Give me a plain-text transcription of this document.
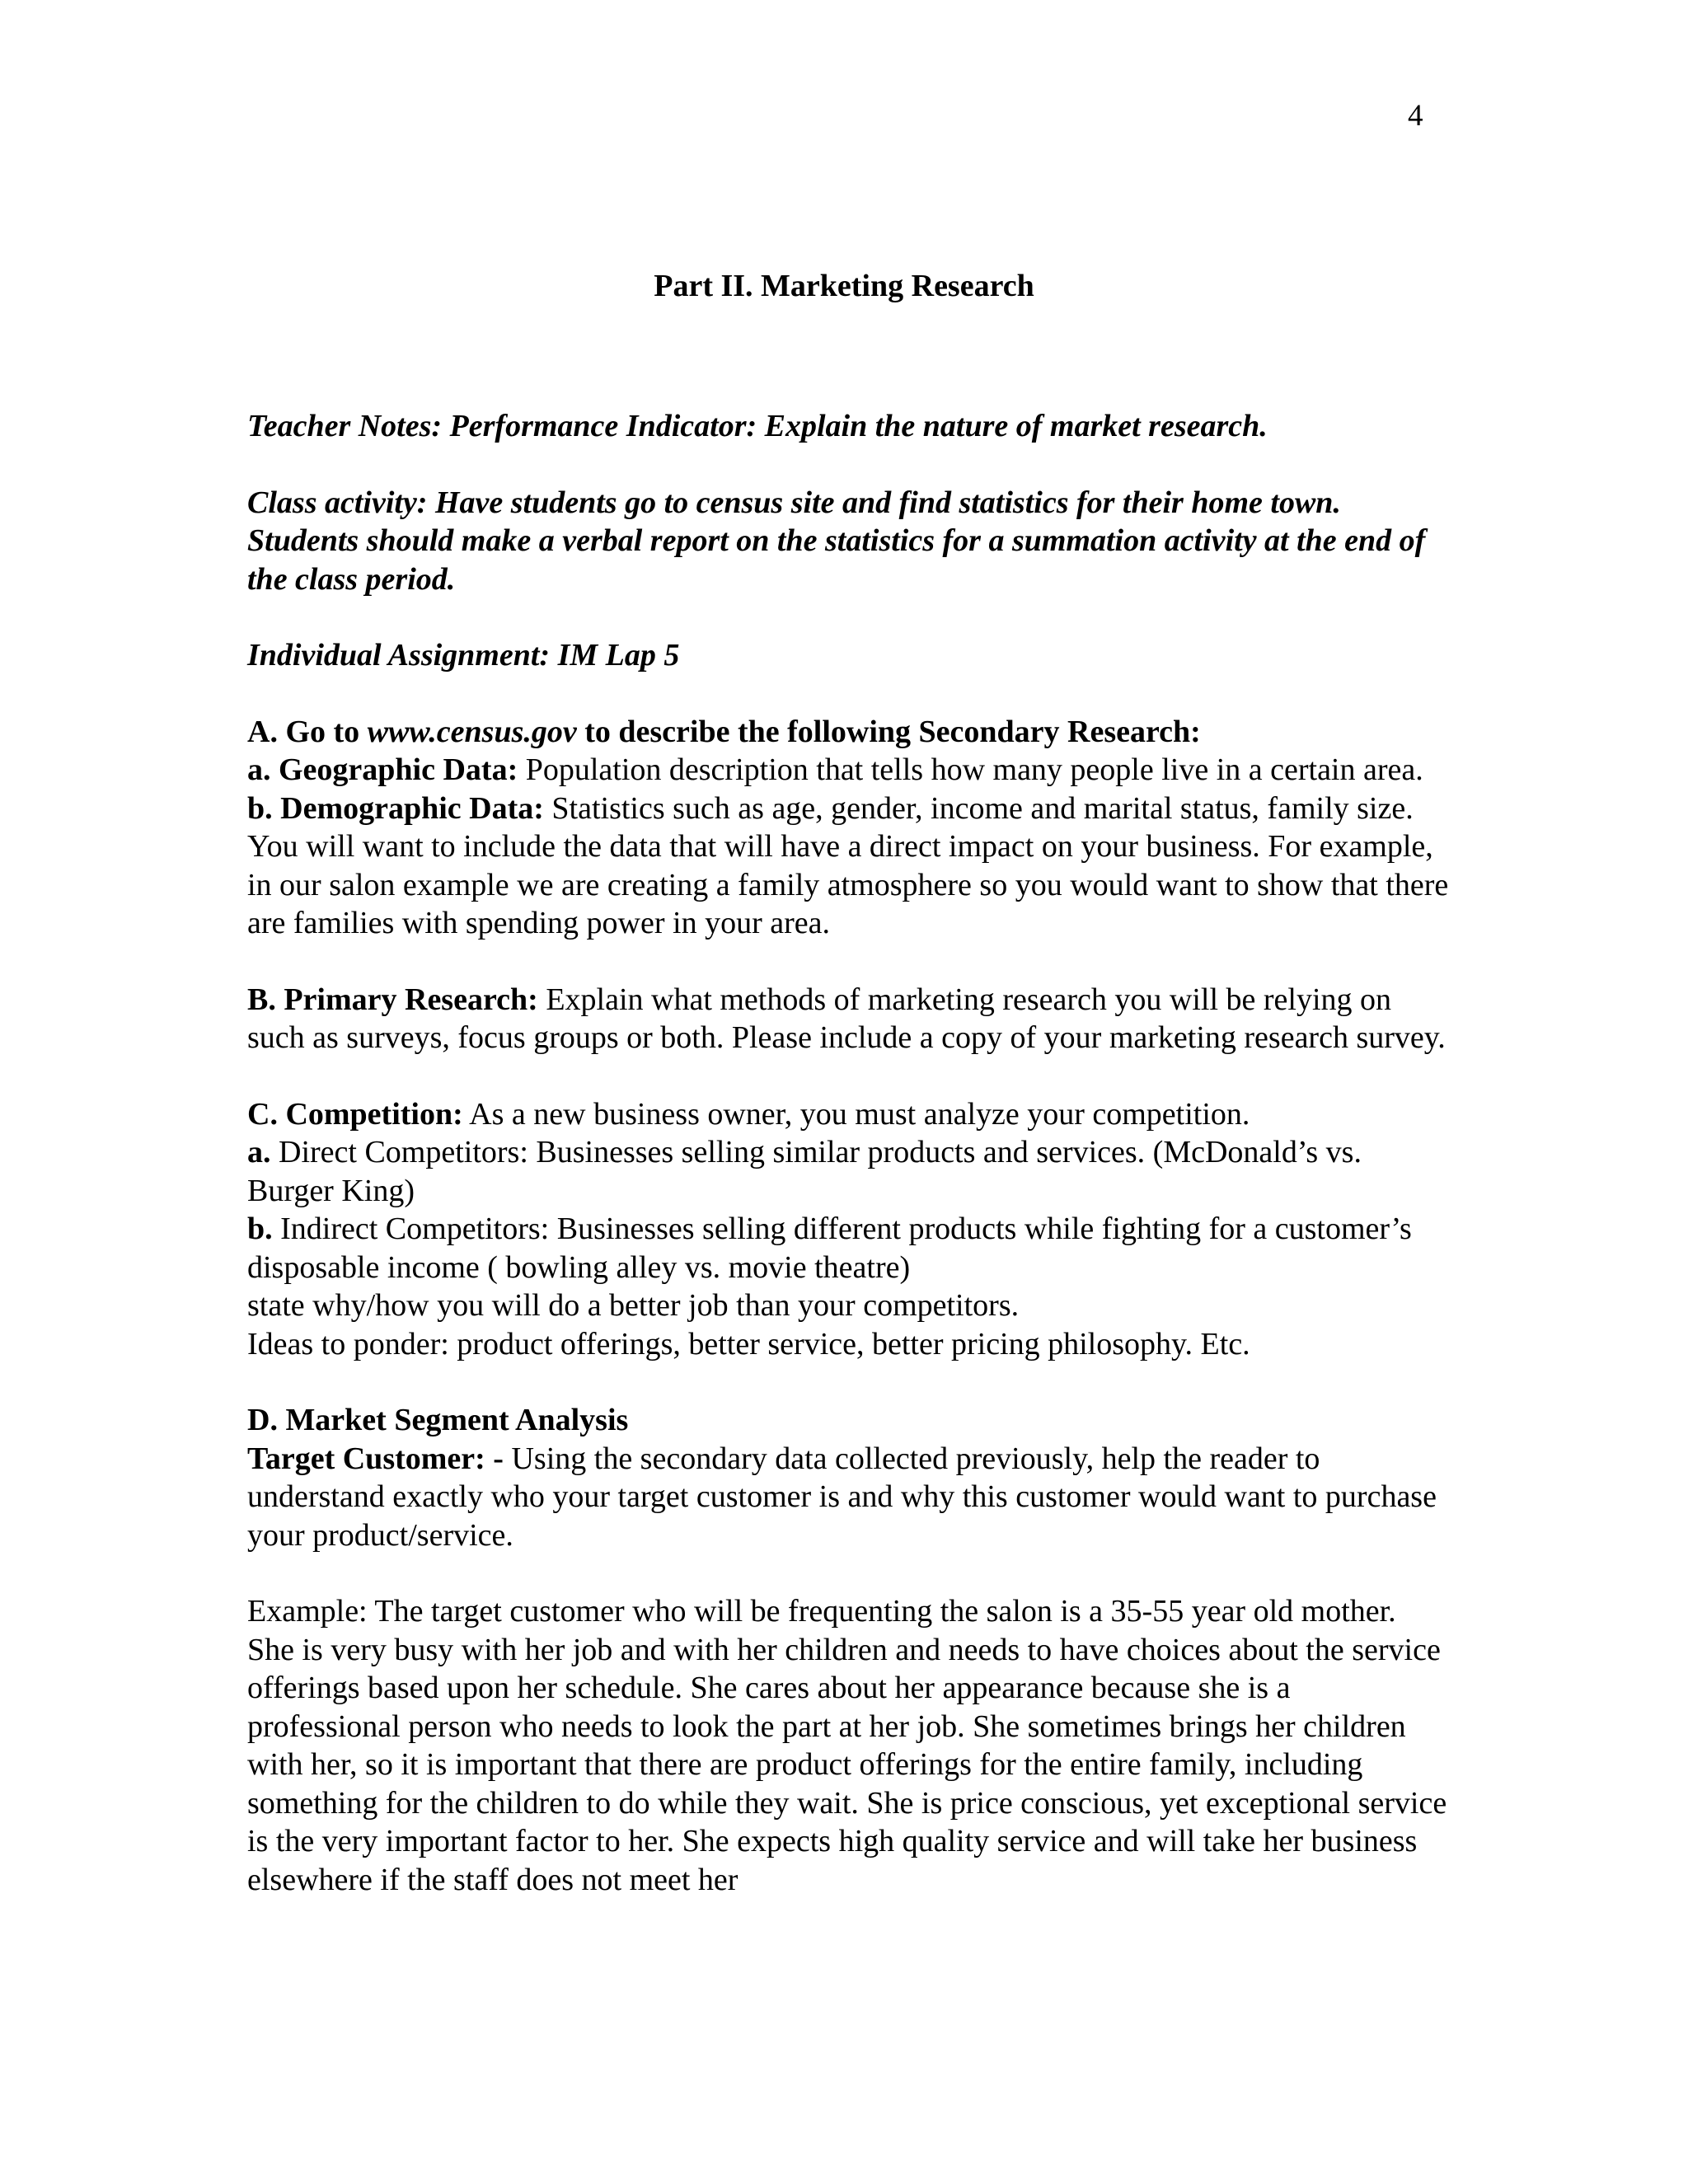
4
Part II. Marketing Research

Teacher Notes: Performance Indicator: Explain the nature of market research.

Class activity: Have students go to census site and find statistics for their home town. Students should make a verbal report on the statistics for a summation activity at the end of the class period.

Individual Assignment: IM Lap 5

A. Go to www.census.gov to describe the following Secondary Research:

a. Geographic Data: Population description that tells how many people live in a certain area.

b. Demographic Data: Statistics such as age, gender, income and marital status, family size. You will want to include the data that will have a direct impact on your business. For example, in our salon example we are creating a family atmosphere so you would want to show that there are families with spending power in your area.

B. Primary Research: Explain what methods of marketing research you will be relying on such as surveys, focus groups or both. Please include a copy of your marketing research survey.

C. Competition: As a new business owner, you must analyze your competition.

a. Direct Competitors: Businesses selling similar products and services. (McDonald’s vs. Burger King)

b. Indirect Competitors: Businesses selling different products while fighting for a customer’s disposable income ( bowling alley vs. movie theatre)

state why/how you will do a better job than your competitors.

Ideas to ponder: product offerings, better service, better pricing philosophy. Etc.

D. Market Segment Analysis

Target Customer: - Using the secondary data collected previously, help the reader to understand exactly who your target customer is and why this customer would want to purchase your product/service.

Example: The target customer who will be frequenting the salon is a 35-55 year old mother. She is very busy with her job and with her children and needs to have choices about the service offerings based upon her schedule. She cares about her appearance because she is a professional person who needs to look the part at her job. She sometimes brings her children with her, so it is important that there are product offerings for the entire family, including something for the children to do while they wait. She is price conscious, yet exceptional service is the very important factor to her. She expects high quality service and will take her business elsewhere if the staff does not meet her
